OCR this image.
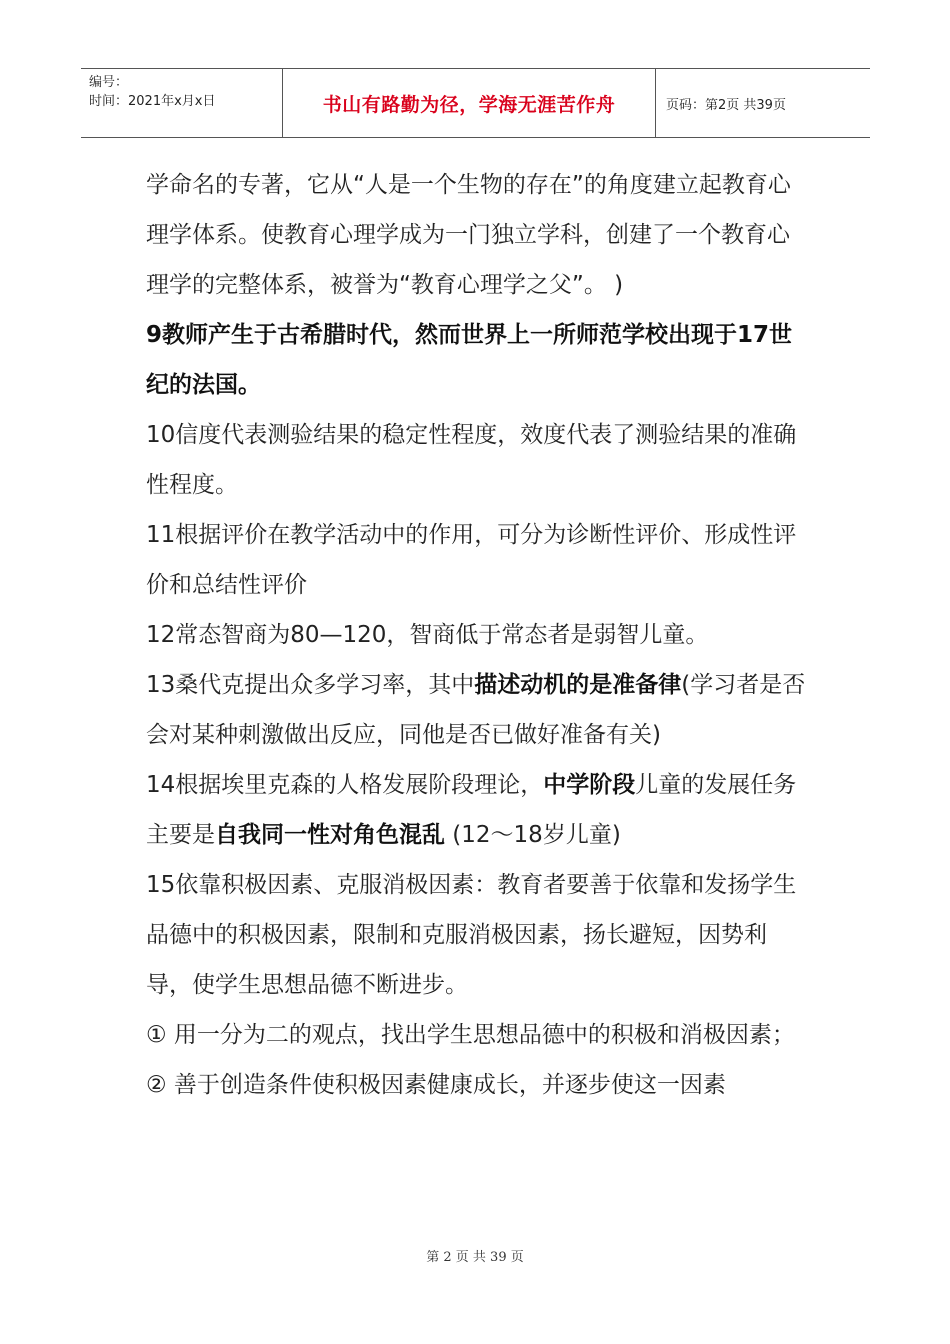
编号：
时间：2021年x月x日	书山有路勤为径，学海无涯苦作舟	页码：第2页 共39页

学命名的专著，它从“人是一个生物的存在”的角度建立起教育心理学体系。使教育心理学成为一门独立学科，创建了一个教育心理学的完整体系，被誉为“教育心理学之父”。 )

9教师产生于古希腊时代，然而世界上一所师范学校出现于17世纪的法国。

10信度代表测验结果的稳定性程度，效度代表了测验结果的准确性程度。

11根据评价在教学活动中的作用，可分为诊断性评价、形成性评价和总结性评价

12常态智商为80—120，智商低于常态者是弱智儿童。

13桑代克提出众多学习率，其中描述动机的是准备律(学习者是否会对某种刺激做出反应，同他是否已做好准备有关)

14根据埃里克森的人格发展阶段理论，中学阶段儿童的发展任务主要是自我同一性对角色混乱 (12～18岁儿童)

15依靠积极因素、克服消极因素：教育者要善于依靠和发扬学生品德中的积极因素，限制和克服消极因素，扬长避短，因势利导，使学生思想品德不断进步。

① 用一分为二的观点，找出学生思想品德中的积极和消极因素；

② 善于创造条件使积极因素健康成长，并逐步使这一因素

第 2 页 共 39 页
